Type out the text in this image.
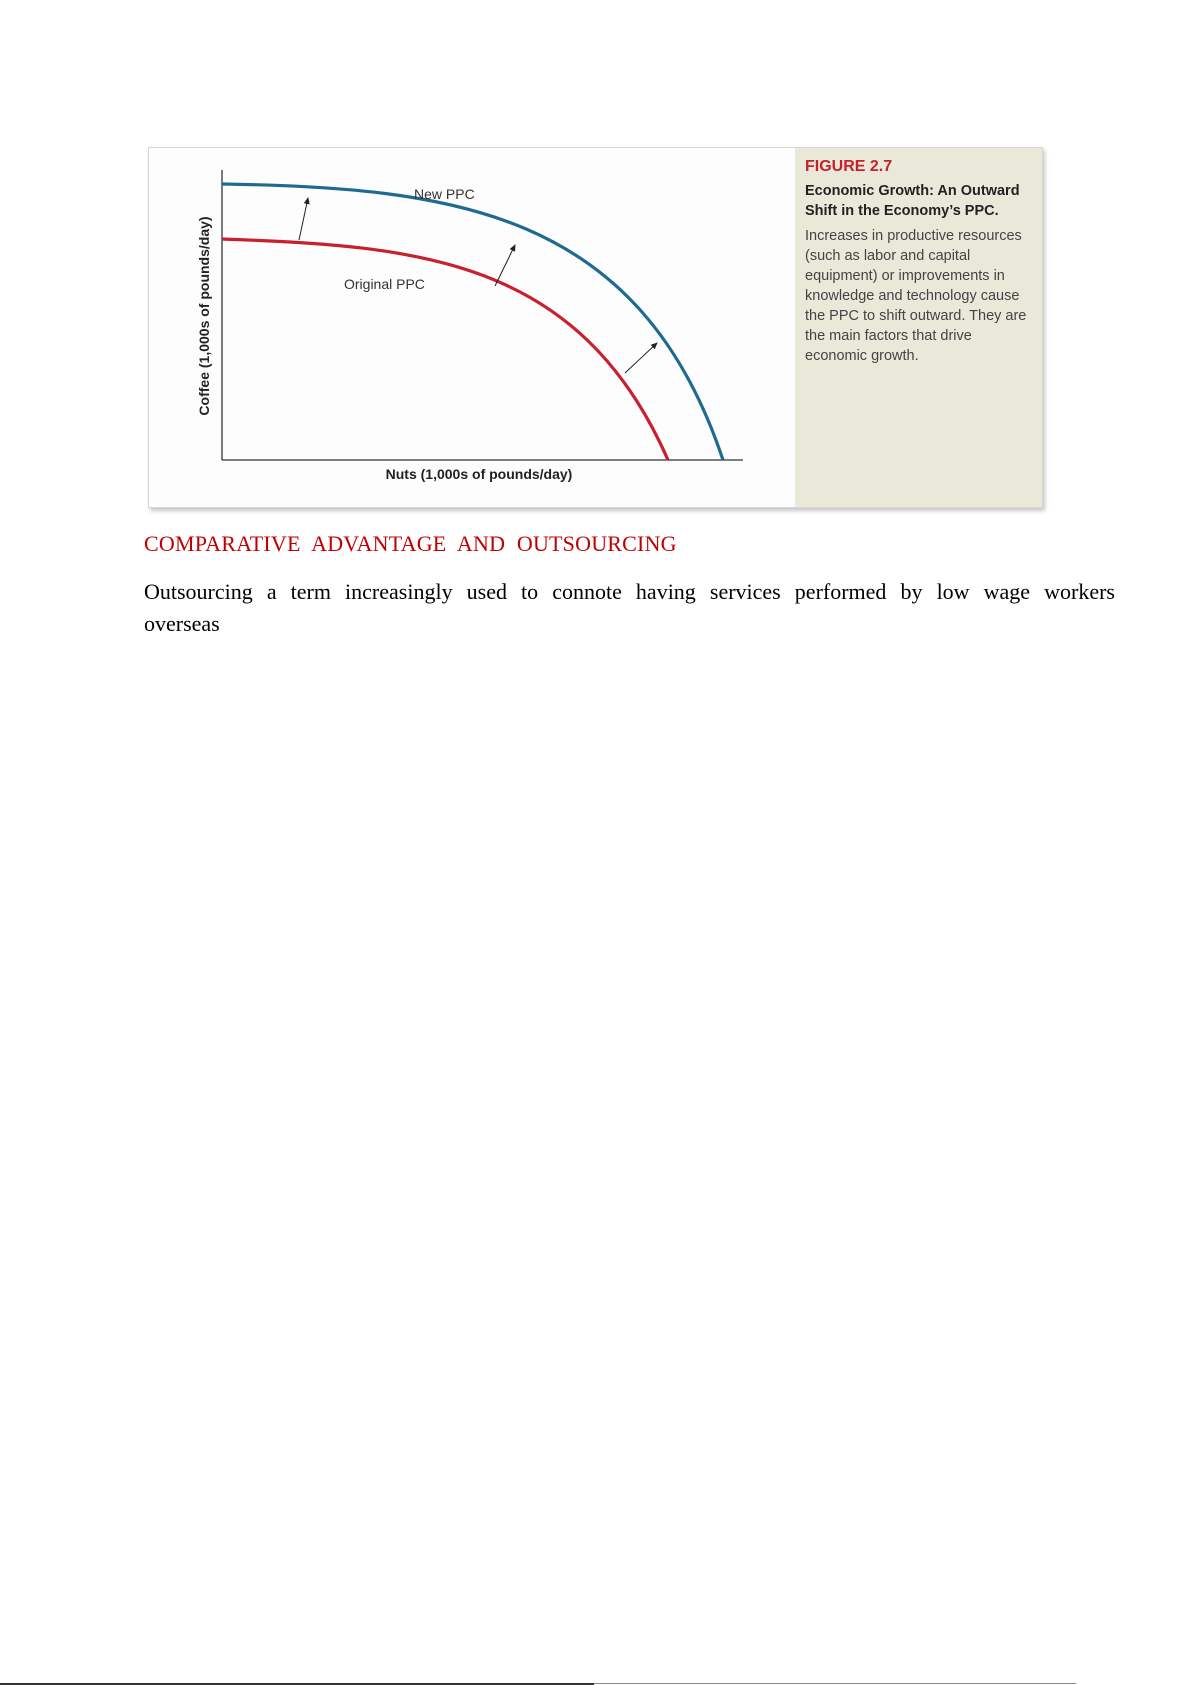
New PPC
Original PPC
Nuts (1,000s of pounds/day)
Coffee (1,000s of pounds/day)
FIGURE 2.7
Economic Growth: An Outward Shift in the Economy’s PPC.
Increases in productive resources (such as labor and capital equipment) or improvements in knowledge and technology cause the PPC to shift outward. They are the main factors that drive economic growth.
COMPARATIVE ADVANTAGE AND OUTSOURCING
Outsourcing a term increasingly used to connote having services performed by low wage workers overseas
